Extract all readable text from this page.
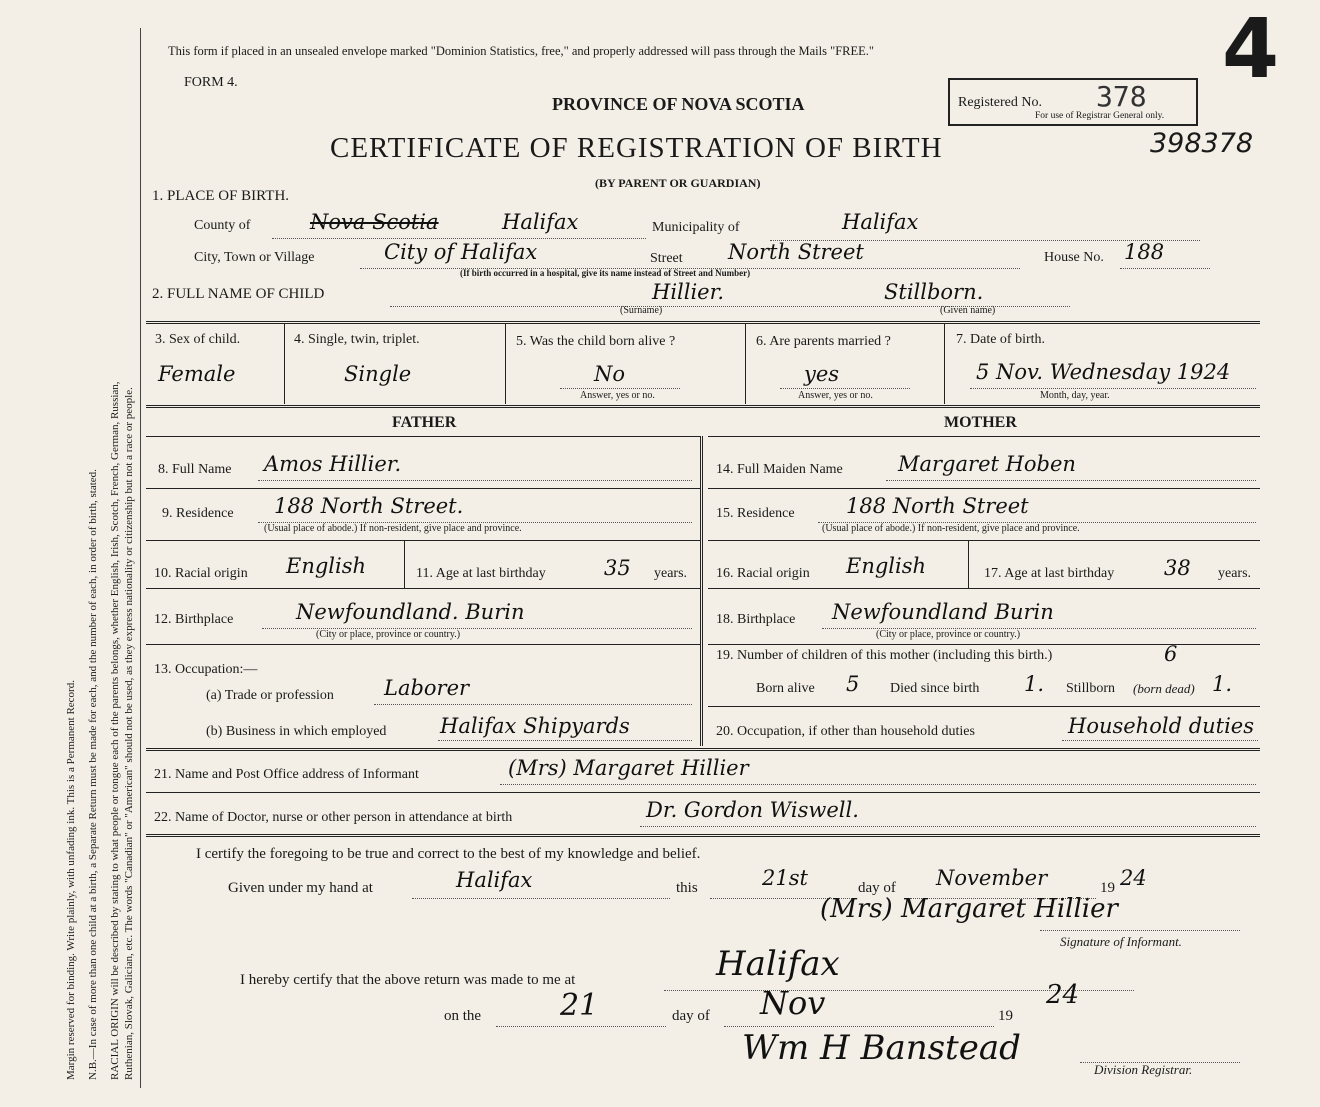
Margin reserved for binding. Write plainly, with unfading ink. This is a Permanent Record. N.B.—In case of more than one child at a birth, a Separate Return must be made for each, and the number of each, in order of birth, stated. RACIAL ORIGIN will be described by stating to what people or tongue each of the parents belongs, whether English, Irish, Scotch, French, German, Russian, Ruthenian, Slovak, Galician, etc. The words "Canadian" or "American" should not be used, as they express nationality or citizenship but not a race or people.
This form if placed in an unsealed envelope marked "Dominion Statistics, free," and properly addressed will pass through the Mails "FREE."
FORM 4.
PROVINCE OF NOVA SCOTIA
CERTIFICATE OF REGISTRATION OF BIRTH
(BY PARENT OR GUARDIAN)
Registered No. 378
For use of Registrar General only.
398378
4
1. PLACE OF BIRTH.
County of	Nova Scotia	Halifax	Municipality of	Halifax
City, Town or Village	City of Halifax	Street North Street	House No. 188
(If birth occurred in a hospital, give its name instead of Street and Number)
2. FULL NAME OF CHILD	Hillier.
(Surname)
Stillborn.
(Given name)
3. Sex of child.
Female
4. Single, twin, triplet.
Single
5. Was the child born alive ?
No
Answer, yes or no.
6. Are parents married ?
yes
Answer, yes or no.
7. Date of birth.
5 Nov. Wednesday 1924
Month, day, year.
FATHER	MOTHER
8. Full Name Amos Hillier.
9. Residence 188 North Street.
(Usual place of abode.) If non-resident, give place and province.
10. Racial origin English	11. Age at last birthday	35 years.
12. Birthplace	Newfoundland. Burin
(City or place, province or country.)
13. Occupation:—
(a) Trade or profession Laborer
(b) Business in which employed	Halifax Shipyards
14. Full Maiden Name	Margaret Hoben
15. Residence 188 North Street
(Usual place of abode.) If non-resident, give place and province.
16. Racial origin English	17. Age at last birthday 38 years.
18. Birthplace Newfoundland Burin
(City or place, province or country.)
19. Number of children of this mother (including this birth.)	6
Born alive 5 Died since birth 1. Stillborn (born dead) 1.
20. Occupation, if other than household duties	Household duties
21. Name and Post Office address of Informant	(Mrs) Margaret Hillier
22. Name of Doctor, nurse or other person in attendance at birth	Dr. Gordon Wiswell.
I certify the foregoing to be true and correct to the best of my knowledge and belief.
Given under my hand at	Halifax	this	21st	day of November	19 24
(Mrs) Margaret Hillier
Signature of Informant.
I hereby certify that the above return was made to me at	Halifax
on the	21	day of Nov	19
24
Wm H Banstead
Division Registrar.
